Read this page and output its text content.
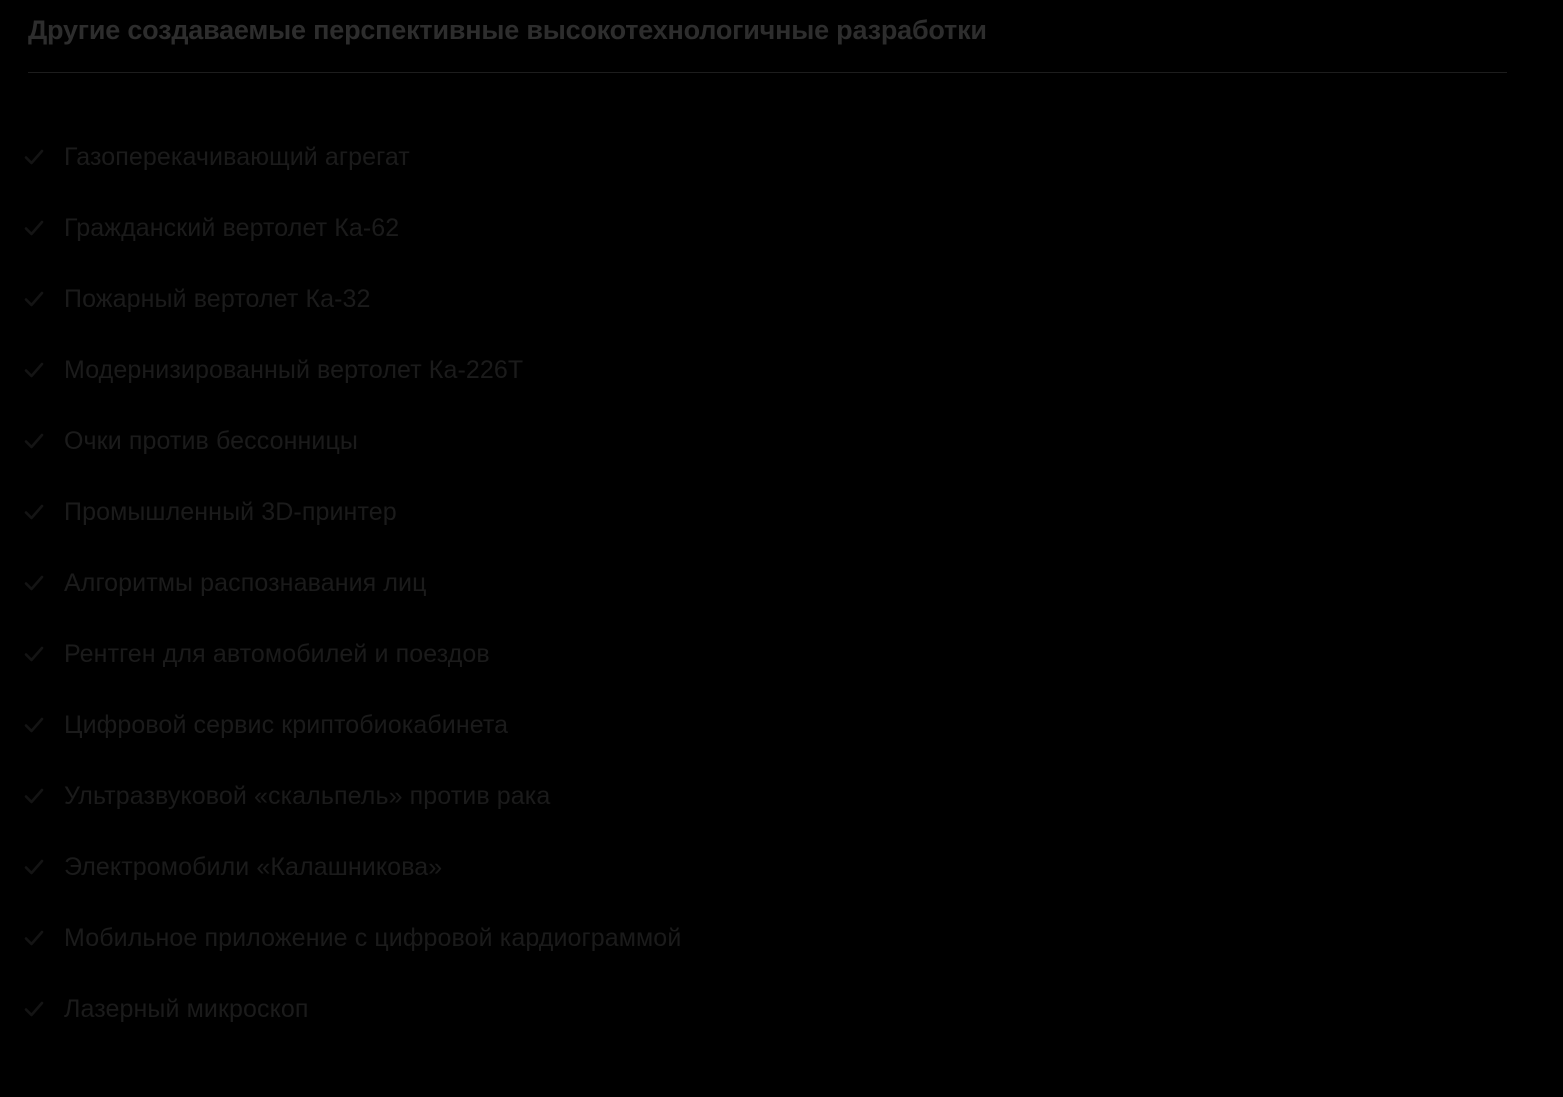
Другие создаваемые перспективные высокотехнологичные разработки
Газоперекачивающий агрегат
Гражданский вертолет Ка-62
Пожарный вертолет Ка-32
Модернизированный вертолет Ка-226Т
Очки против бессонницы
Промышленный 3D-принтер
Алгоритмы распознавания лиц
Рентген для автомобилей и поездов
Цифровой сервис криптобиокабинета
Ультразвуковой «скальпель» против рака
Электромобили «Калашникова»
Мобильное приложение с цифровой кардиограммой
Лазерный микроскоп
